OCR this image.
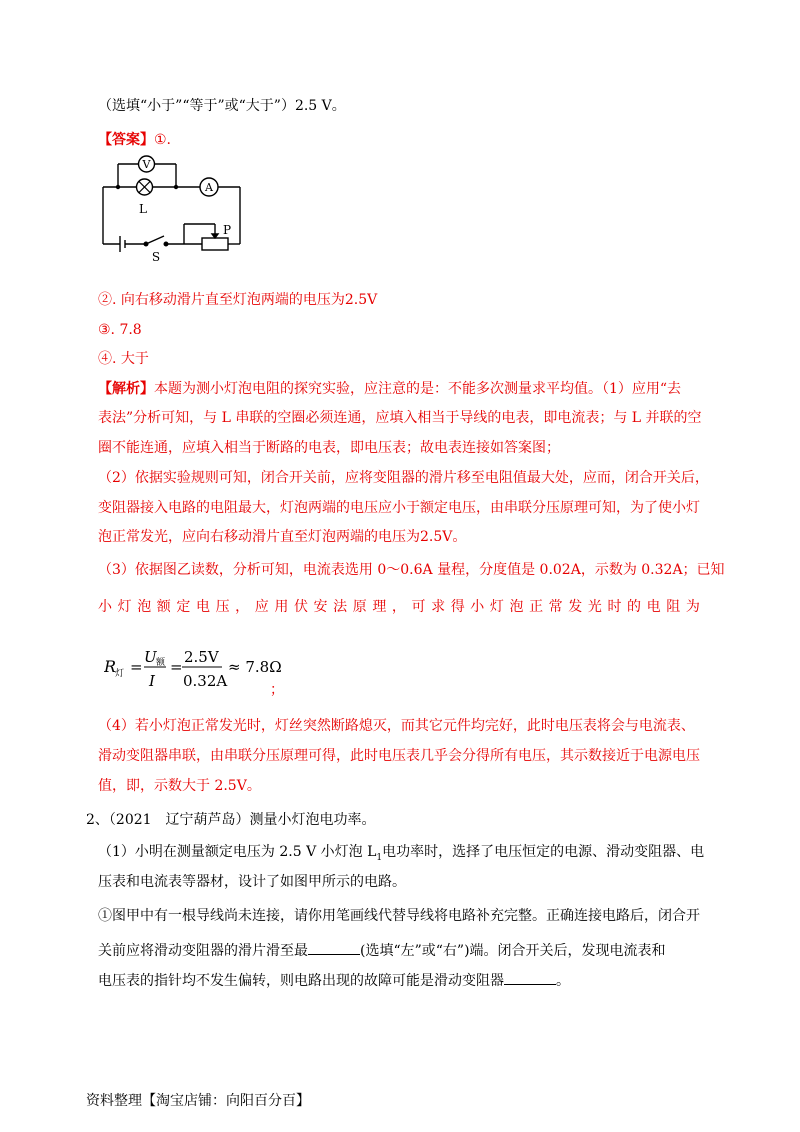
（选填“小于”“等于”或“大于”）2.5 V。
【答案】①.
V
A
L
S
P
②. 向右移动滑片直至灯泡两端的电压为2.5V
③. 7.8
④. 大于
【解析】本题为测小灯泡电阻的探究实验，应注意的是：不能多次测量求平均值。（1）应用“去
表法”分析可知，与 L 串联的空圈必须连通，应填入相当于导线的电表，即电流表；与 L 并联的空
圈不能连通，应填入相当于断路的电表，即电压表；故电表连接如答案图；
（2）依据实验规则可知，闭合开关前，应将变阻器的滑片移至电阻值最大处，应而，闭合开关后，
变阻器接入电路的电阻最大，灯泡两端的电压应小于额定电压，由串联分压原理可知，为了使小灯
泡正常发光，应向右移动滑片直至灯泡两端的电压为2.5V。
（3）依据图乙读数，分析可知，电流表选用 0～0.6A 量程，分度值是 0.02A，示数为 0.32A；已知
小 灯 泡 额 定 电 压 ， 应 用 伏 安 法 原 理 ， 可 求 得 小 灯 泡 正 常 发 光 时 的 电 阻 为
R
灯 =
U 额
I
=
2.5V
0.32A
≈ 7.8Ω
；
（4）若小灯泡正常发光时，灯丝突然断路熄灭，而其它元件均完好，此时电压表将会与电流表、
滑动变阻器串联，由串联分压原理可得，此时电压表几乎会分得所有电压，其示数接近于电源电压
值，即，示数大于 2.5V。
2、（2021　辽宁葫芦岛）测量小灯泡电功率。
（1）小明在测量额定电压为 2.5 V 小灯泡 $L_1$电功率时，选择了电压恒定的电源、滑动变阻器、电
压表和电流表等器材，设计了如图甲所示的电路。
①图甲中有一根导线尚未连接，请你用笔画线代替导线将电路补充完整。正确连接电路后，闭合开
关前应将滑动变阻器的滑片滑至最	(选填“左”或“右”)端。闭合开关后，发现电流表和
电压表的指针均不发生偏转，则电路出现的故障可能是滑动变阻器	。
资料整理【淘宝店铺：向阳百分百】
